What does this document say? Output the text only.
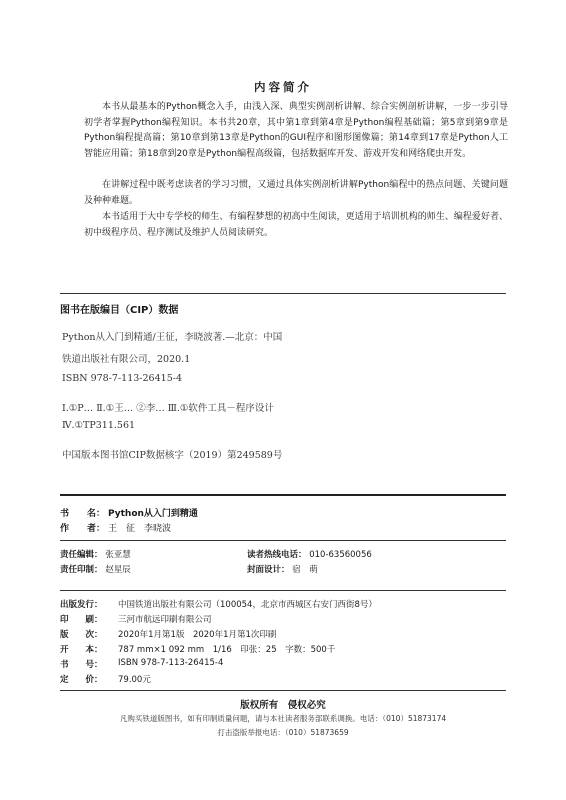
内容简介
本书从最基本的Python概念入手，由浅入深、典型实例剖析讲解、综合实例剖析讲解，一步一步引导初学者掌握Python编程知识。本书共20章，其中第1章到第4章是Python编程基础篇；第5章到第9章是Python编程提高篇；第10章到第13章是Python的GUI程序和图形图像篇；第14章到17章是Python人工智能应用篇；第18章到20章是Python编程高级篇，包括数据库开发、游戏开发和网络爬虫开发。
在讲解过程中既考虑读者的学习习惯，又通过具体实例剖析讲解Python编程中的热点问题、关键问题及种种难题。
本书适用于大中专学校的师生、有编程梦想的初高中生阅读，更适用于培训机构的师生、编程爱好者、初中级程序员、程序测试及维护人员阅读研究。
图书在版编目（CIP）数据
Python从入门到精通/王征，李晓波著.—北京：中国
铁道出版社有限公司，2020.1
ISBN 978-7-113-26415-4
Ⅰ.①P… Ⅱ.①王… ②李… Ⅲ.①软件工具－程序设计
Ⅳ.①TP311.561
中国版本图书馆CIP数据核字（2019）第249589号
书　　名： Python从入门到精通
作　　者： 王　征　李晓波
责任编辑： 张亚慧	读者热线电话： 010-63560056
责任印制： 赵星辰	封面设计： 宿　萌
出版发行：	中国铁道出版社有限公司（100054，北京市西城区右安门西街8号）
印　　刷：	三河市航远印刷有限公司
版　　次：	2020年1月第1版　2020年1月第1次印刷
开　　本：	787 mm×1 092 mm　1/16　印张：25　字数：500千
书　　号：	ISBN 978-7-113-26415-4
定　　价：	79.00元
版权所有　侵权必究
凡购买铁道版图书，如有印制质量问题，请与本社读者服务部联系调换。电话：（010）51873174
打击盗版举报电话：（010）51873659
